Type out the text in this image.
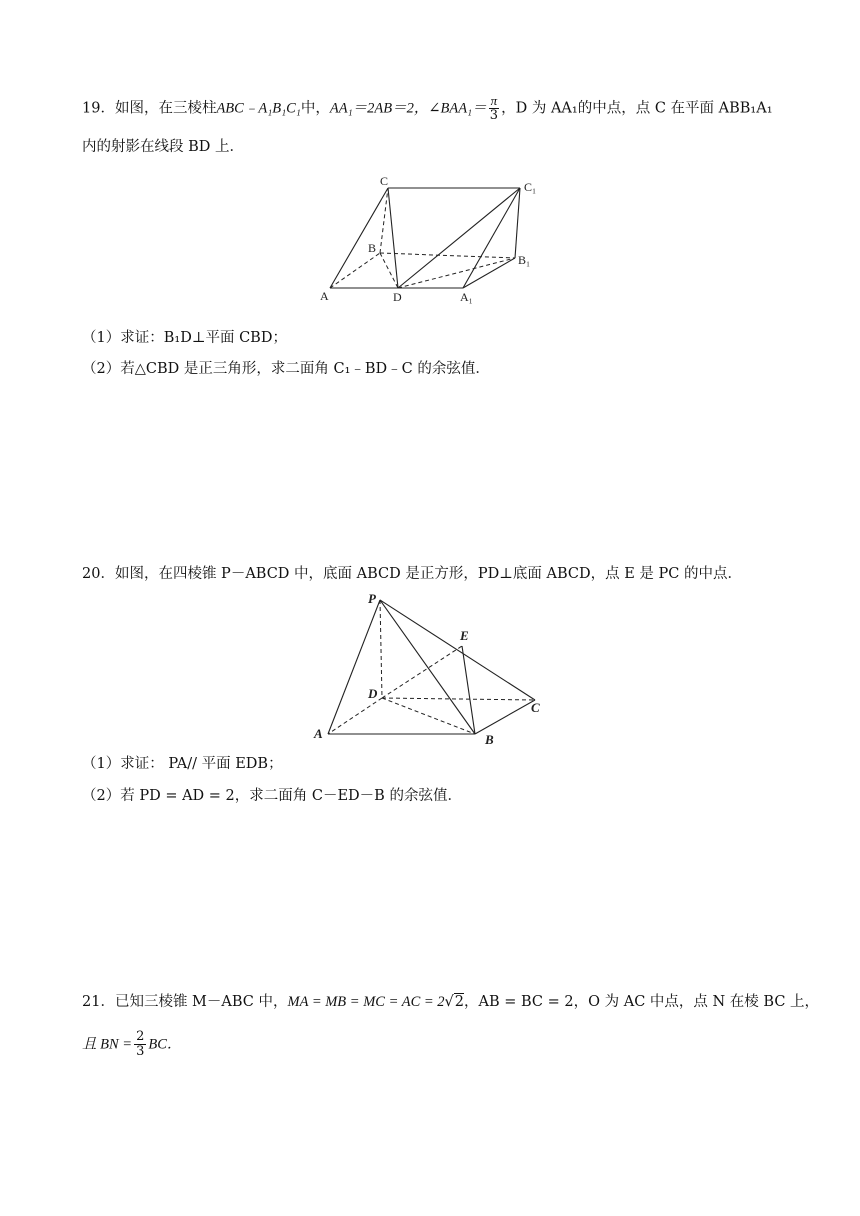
19．如图，在三棱柱ABC﹣A₁B₁C₁中，AA₁＝2AB＝2，∠BAA₁＝ $\frac{\pi}{3}$ ，D 为 AA₁的中点，点 C 在平面 ABB₁A₁
内的射影在线段 BD 上．
C	C₁
B
B₁
A	D	A₁
（1）求证：B₁D⊥平面 CBD；
（2）若△CBD 是正三角形，求二面角 C₁﹣BD﹣C 的余弦值．
20．如图，在四棱锥 P－ABCD 中，底面 ABCD 是正方形，PD⊥底面 ABCD，点 E 是 PC 的中点．
P
E
D
C
A	B
（1）求证： PA// 平面 EDB；
（2）若 PD = AD = 2，求二面角 C－ED－B 的余弦值．
21．已知三棱锥 M－ABC 中，MA = MB = MC = AC = 2√2，AB = BC = 2，O 为 AC 中点，点 N 在棱 BC 上，
且 BN = $\frac{2}{3}$ BC．
